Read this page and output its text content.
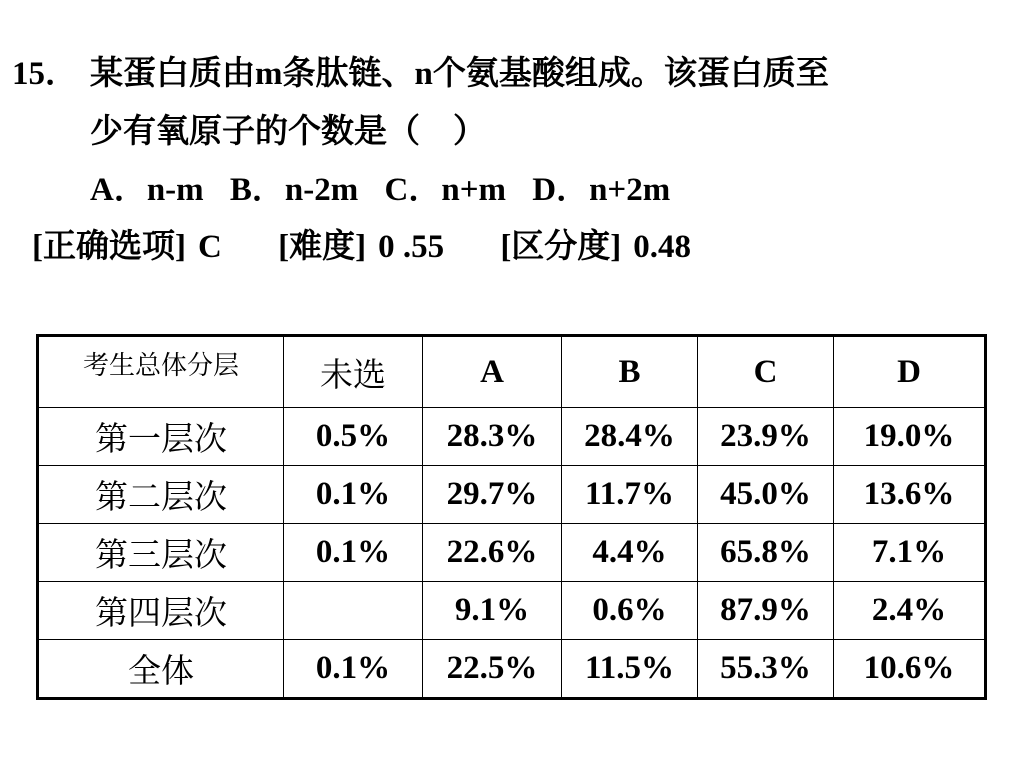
15． 某蛋白质由m条肽链、n个氨基酸组成。该蛋白质至
少有氧原子的个数是（　）
A．n-m B．n-2m C．n+m D．n+2m
[正确选项] C [难度] 0 .55 [区分度] 0.48
考生总体分层	未选	A	B	C	D
第一层次	0.5%	28.3%	28.4%	23.9%	19.0%
第二层次	0.1%	29.7%	11.7%	45.0%	13.6%
第三层次	0.1%	22.6%	4.4%	65.8%	7.1%
第四层次		9.1%	0.6%	87.9%	2.4%
全体	0.1%	22.5%	11.5%	55.3%	10.6%
